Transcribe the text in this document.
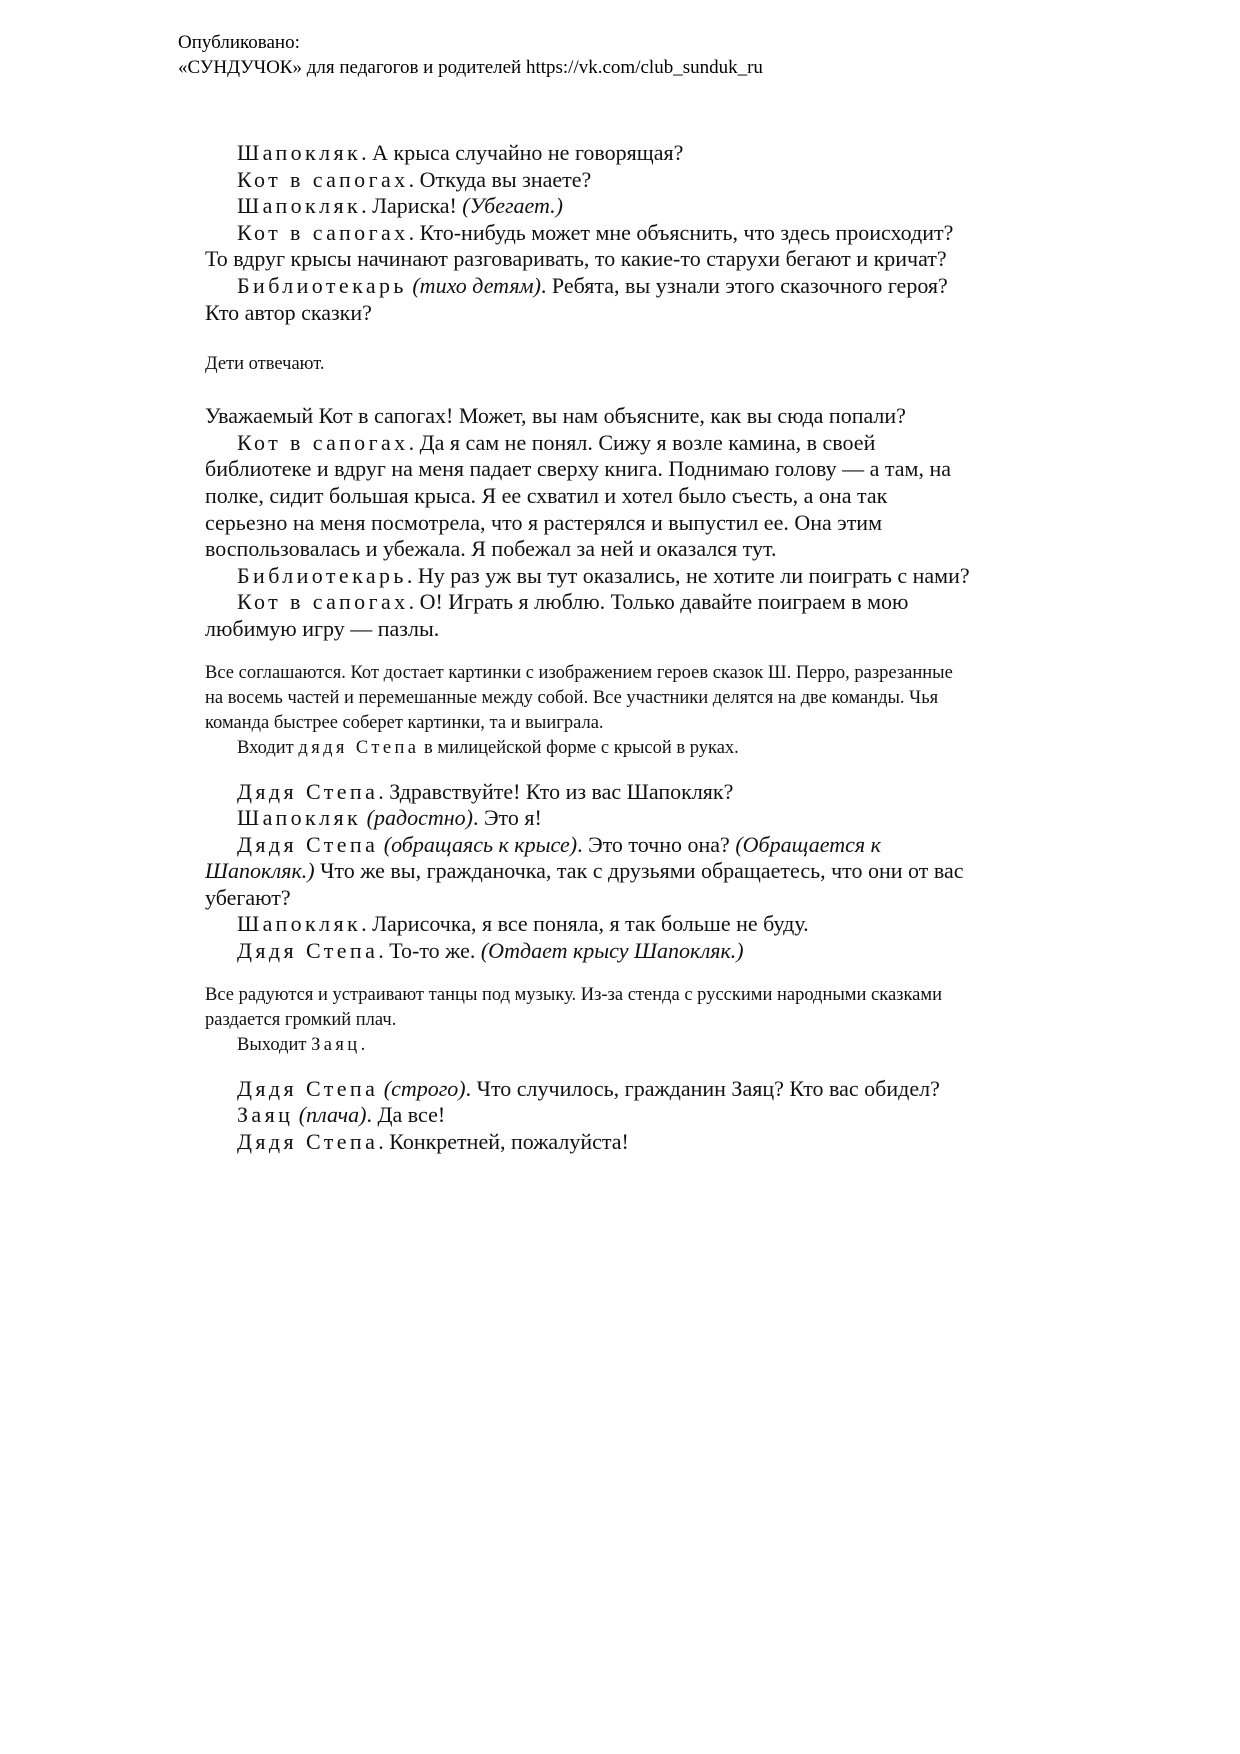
Опубликовано:
«СУНДУЧОК» для педагогов и родителей https://vk.com/club_sunduk_ru

Шапокляк. А крыса случайно не говорящая?

Кот в сапогах. Откуда вы знаете?

Шапокляк. Лариска! (Убегает.)

Кот в сапогах. Кто-нибудь может мне объяснить, что здесь происходит? То вдруг крысы начинают разговаривать, то какие-то старухи бегают и кричат?

Библиотекарь (тихо детям). Ребята, вы узнали этого сказочного героя? Кто автор сказки?

Дети отвечают.

Уважаемый Кот в сапогах! Может, вы нам объясните, как вы сюда попали?

Кот в сапогах. Да я сам не понял. Сижу я возле камина, в своей библиотеке и вдруг на меня падает сверху книга. Поднимаю голову — а там, на полке, сидит большая крыса. Я ее схватил и хотел было съесть, а она так серьезно на меня посмотрела, что я растерялся и выпустил ее. Она этим воспользовалась и убежала. Я побежал за ней и оказался тут.

Библиотекарь. Ну раз уж вы тут оказались, не хотите ли поиграть с нами?

Кот в сапогах. О! Играть я люблю. Только давайте поиграем в мою любимую игру — пазлы.

Все соглашаются. Кот достает картинки с изображением героев сказок Ш. Перро, разрезанные на восемь частей и перемешанные между собой. Все участники делятся на две команды. Чья команда быстрее соберет картинки, та и выиграла.

Входит дядя Степа в милицейской форме с крысой в руках.

Дядя Степа. Здравствуйте! Кто из вас Шапокляк?

Шапокляк (радостно). Это я!

Дядя Степа (обращаясь к крысе). Это точно она? (Обращается к Шапокляк.) Что же вы, гражданочка, так с друзьями обращаетесь, что они от вас убегают?

Шапокляк. Ларисочка, я все поняла, я так больше не буду.

Дядя Степа. То-то же. (Отдает крысу Шапокляк.)

Все радуются и устраивают танцы под музыку. Из-за стенда с русскими народными сказками раздается громкий плач.

Выходит Заяц.

Дядя Степа (строго). Что случилось, гражданин Заяц? Кто вас обидел?

Заяц (плача). Да все!

Дядя Степа. Конкретней, пожалуйста!
